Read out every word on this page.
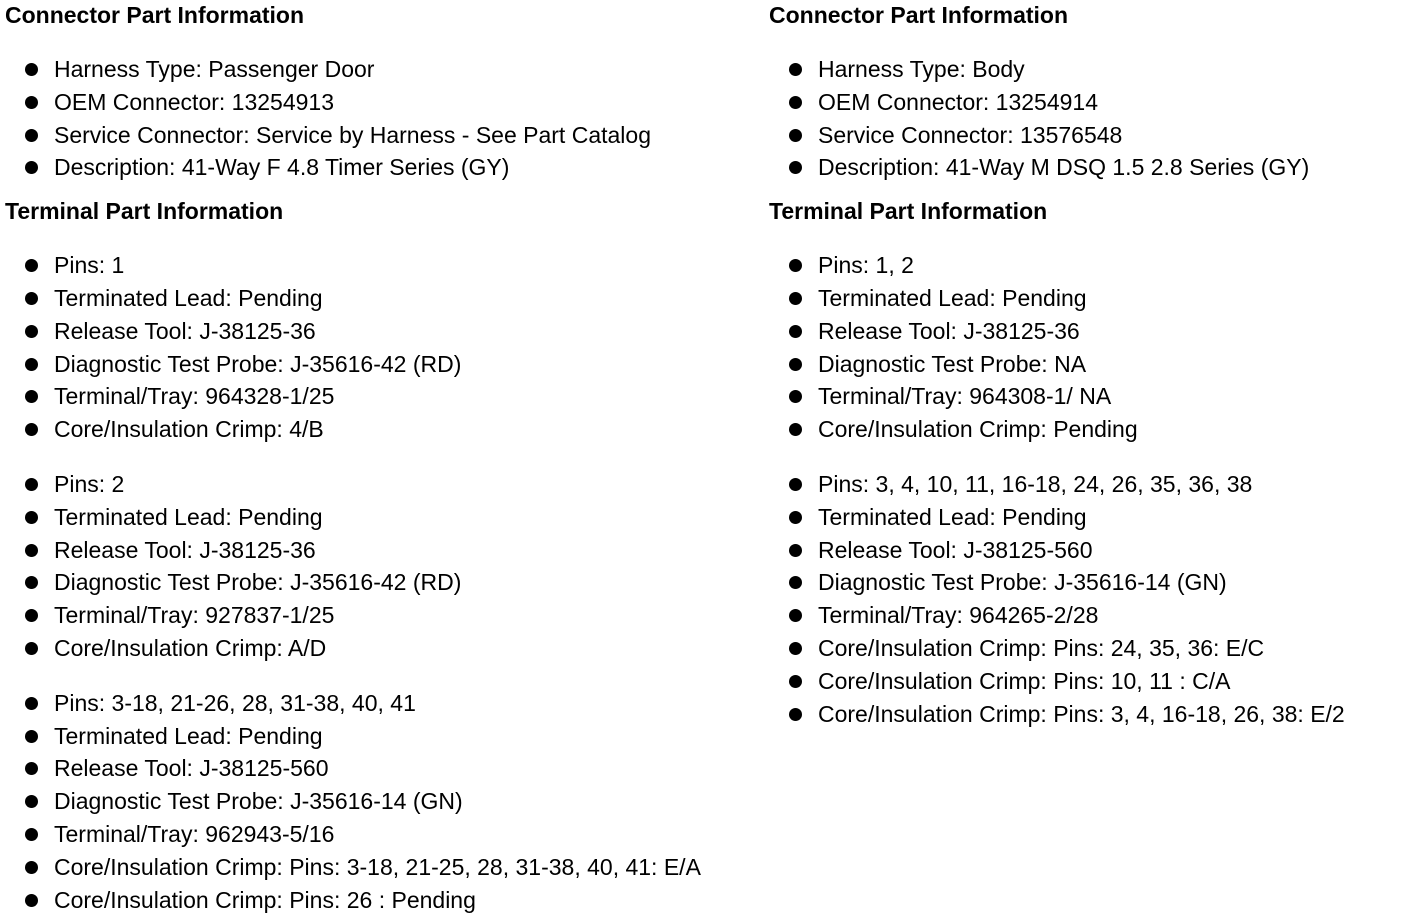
Connector Part Information
Harness Type: Passenger Door
OEM Connector: 13254913
Service Connector: Service by Harness - See Part Catalog
Description: 41-Way F 4.8 Timer Series (GY)
Terminal Part Information
Pins: 1
Terminated Lead: Pending
Release Tool: J-38125-36
Diagnostic Test Probe: J-35616-42 (RD)
Terminal/Tray: 964328-1/25
Core/Insulation Crimp: 4/B
Pins: 2
Terminated Lead: Pending
Release Tool: J-38125-36
Diagnostic Test Probe: J-35616-42 (RD)
Terminal/Tray: 927837-1/25
Core/Insulation Crimp: A/D
Pins: 3-18, 21-26, 28, 31-38, 40, 41
Terminated Lead: Pending
Release Tool: J-38125-560
Diagnostic Test Probe: J-35616-14 (GN)
Terminal/Tray: 962943-5/16
Core/Insulation Crimp: Pins: 3-18, 21-25, 28, 31-38, 40, 41: E/A
Core/Insulation Crimp: Pins: 26 : Pending
Connector Part Information
Harness Type: Body
OEM Connector: 13254914
Service Connector: 13576548
Description: 41-Way M DSQ 1.5 2.8 Series (GY)
Terminal Part Information
Pins: 1, 2
Terminated Lead: Pending
Release Tool: J-38125-36
Diagnostic Test Probe: NA
Terminal/Tray: 964308-1/ NA
Core/Insulation Crimp: Pending
Pins: 3, 4, 10, 11, 16-18, 24, 26, 35, 36, 38
Terminated Lead: Pending
Release Tool: J-38125-560
Diagnostic Test Probe: J-35616-14 (GN)
Terminal/Tray: 964265-2/28
Core/Insulation Crimp: Pins: 24, 35, 36: E/C
Core/Insulation Crimp: Pins: 10, 11 : C/A
Core/Insulation Crimp: Pins: 3, 4, 16-18, 26, 38: E/2
